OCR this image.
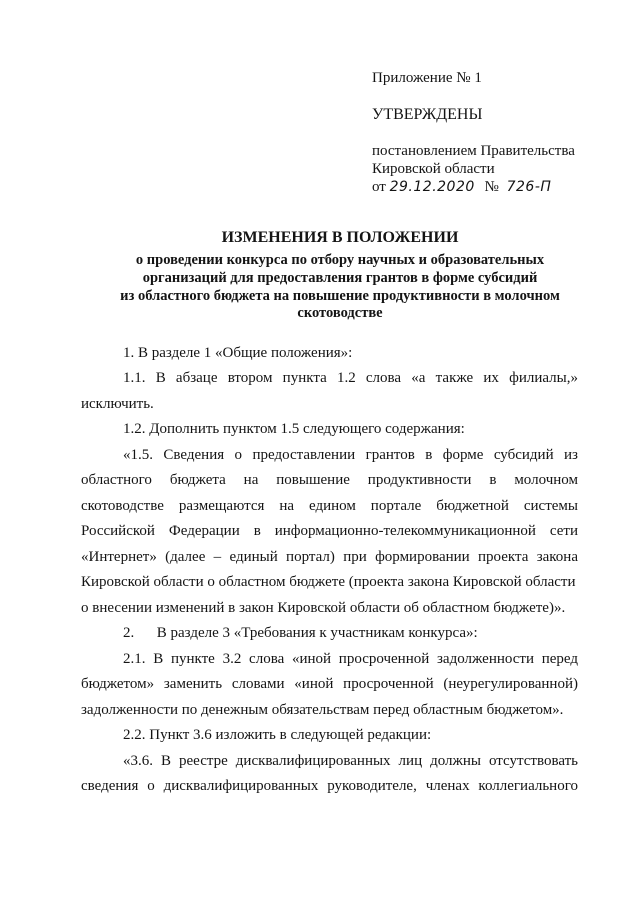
Приложение № 1
УТВЕРЖДЕНЫ
постановлением Правительства
Кировской области
от 29.12.2020 № 726-П
ИЗМЕНЕНИЯ В ПОЛОЖЕНИИ
о проведении конкурса по отбору научных и образовательных
организаций для предоставления грантов в форме субсидий
из областного бюджета на повышение продуктивности в молочном
скотоводстве
1. В разделе 1 «Общие положения»:
1.1. В абзаце втором пункта 1.2 слова «а также их филиалы,»
исключить.
1.2. Дополнить пунктом 1.5 следующего содержания:
«1.5. Сведения о предоставлении грантов в форме субсидий из
областного бюджета на повышение продуктивности в молочном
скотоводстве размещаются на едином портале бюджетной системы
Российской Федерации в информационно-телекоммуникационной сети
«Интернет» (далее – единый портал) при формировании проекта закона
Кировской области о областном бюджете (проекта закона Кировской области
о внесении изменений в закон Кировской области об областном бюджете)».
2.      В разделе 3 «Требования к участникам конкурса»:
2.1. В пункте 3.2 слова «иной просроченной задолженности перед
бюджетом» заменить словами «иной просроченной (неурегулированной)
задолженности по денежным обязательствам перед областным бюджетом».
2.2. Пункт 3.6 изложить в следующей редакции:
«3.6. В реестре дисквалифицированных лиц должны отсутствовать
сведения о дисквалифицированных руководителе, членах коллегиального
